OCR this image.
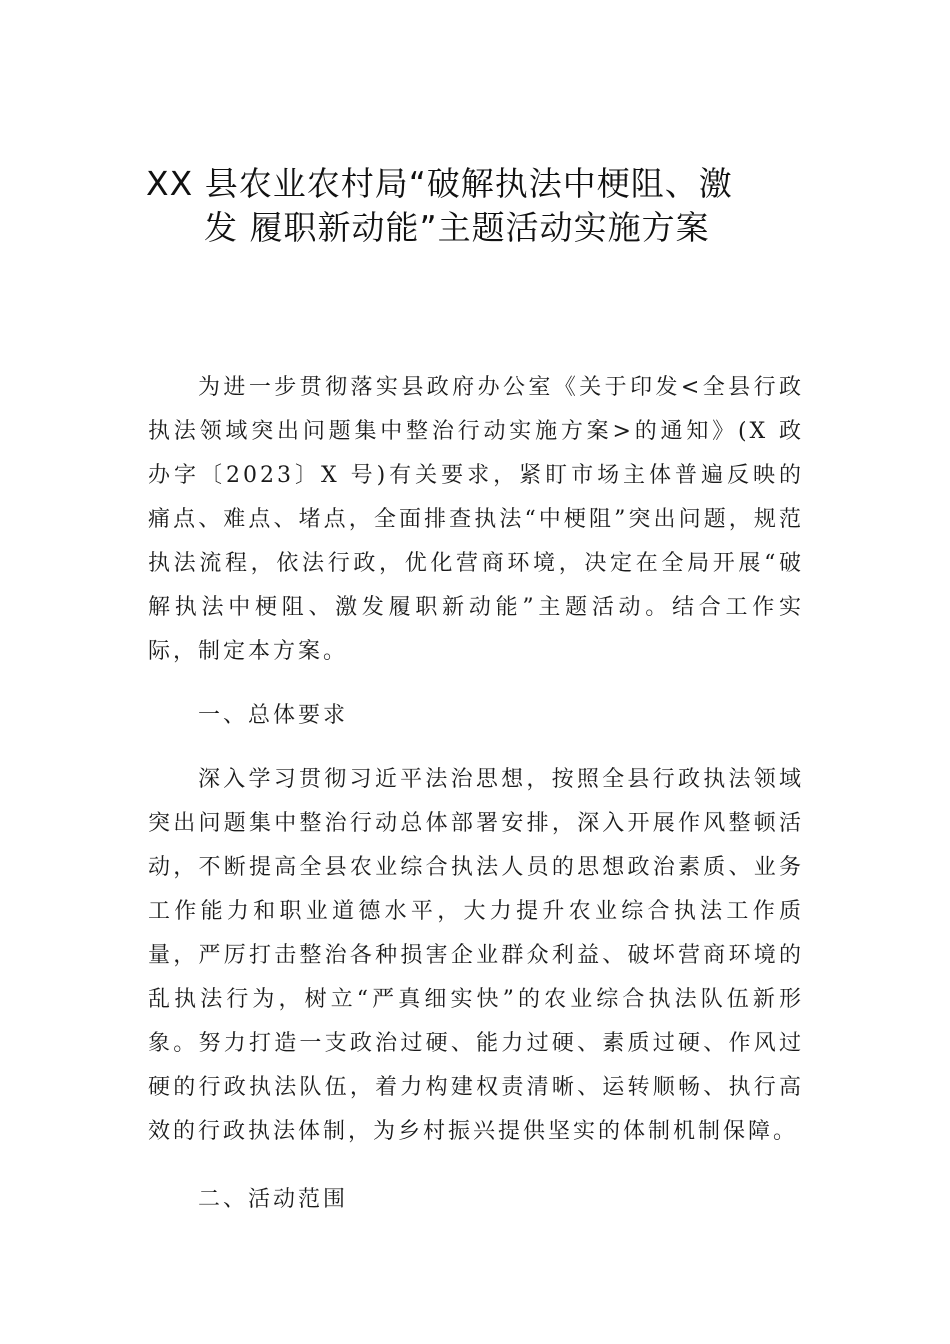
XX 县农业农村局“破解执法中梗阻、激
发 履职新动能”主题活动实施方案

为进一步贯彻落实县政府办公室《关于印发<全县行政执法领域突出问题集中整治行动实施方案>的通知》(X 政办字〔2023〕X 号)有关要求，紧盯市场主体普遍反映的痛点、难点、堵点，全面排查执法“中梗阻”突出问题，规范执法流程，依法行政，优化营商环境，决定在全局开展“破解执法中梗阻、激发履职新动能”主题活动。结合工作实际，制定本方案。

一、总体要求

深入学习贯彻习近平法治思想，按照全县行政执法领域突出问题集中整治行动总体部署安排，深入开展作风整顿活动，不断提高全县农业综合执法人员的思想政治素质、业务工作能力和职业道德水平，大力提升农业综合执法工作质量，严厉打击整治各种损害企业群众利益、破坏营商环境的乱执法行为，树立“严真细实快”的农业综合执法队伍新形象。努力打造一支政治过硬、能力过硬、素质过硬、作风过硬的行政执法队伍，着力构建权责清晰、运转顺畅、执行高效的行政执法体制，为乡村振兴提供坚实的体制机制保障。

二、活动范围
